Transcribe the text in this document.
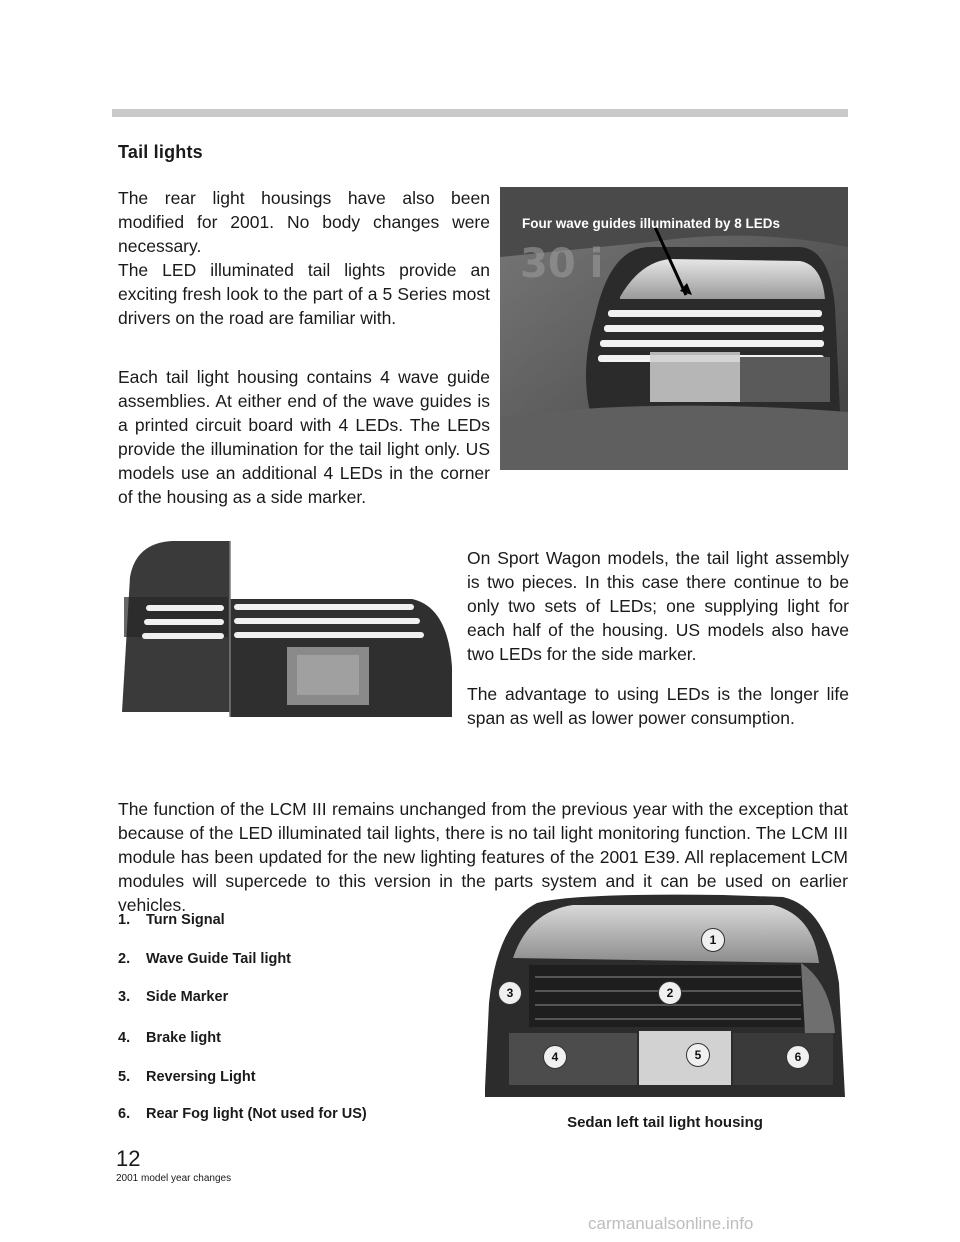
Tail lights

The rear light housings have also been modified for 2001. No body changes were necessary.

The LED illuminated tail lights provide an exciting fresh look to the part of a 5 Series most drivers on the road are familiar with.

Each tail light housing contains 4 wave guide assemblies. At either end of the wave guides is a printed circuit board with 4 LEDs. The LEDs provide the illumination for the tail light only. US models use an additional 4 LEDs in the corner of the housing as a side marker.

30 i
Four wave guides illuminated by 8 LEDs

On Sport Wagon models, the tail light assembly is two pieces. In this case there continue to be only two sets of LEDs; one supplying light for each half of the housing. US models also have two LEDs for the side marker.

The advantage to using LEDs is the longer life span as well as lower power consumption.

The function of the LCM III remains unchanged from the previous year with the exception that because of the LED illuminated tail lights, there is no tail light monitoring function. The LCM III module has been updated for the new lighting features of the 2001 E39. All replacement LCM modules will supercede to this version in the parts system and it can be used on earlier vehicles.

1. Turn Signal
2. Wave Guide Tail light
3. Side Marker
4. Brake light
5. Reversing Light
6. Rear Fog light (Not used for US)
1
2
3
4	5	6
Sedan left tail light housing
12
2001 model year changes
carmanualsonline.info
